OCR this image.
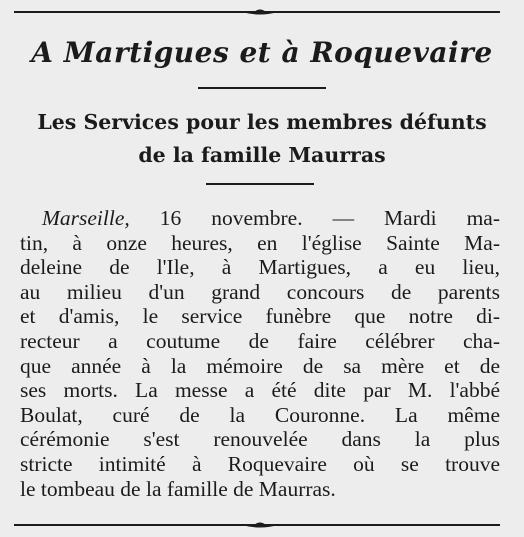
A Martigues et à Roquevaire
Les Services pour les membres défunts
de la famille Maurras
Marseille, 16 novembre. — Mardi ma-
tin, à onze heures, en l'église Sainte Ma-
deleine de l'Ile, à Martigues, a eu lieu,
au milieu d'un grand concours de parents
et d'amis, le service funèbre que notre di-
recteur a coutume de faire célébrer cha-
que année à la mémoire de sa mère et de
ses morts. La messe a été dite par M. l'abbé
Boulat, curé de la Couronne. La même
cérémonie s'est renouvelée dans la plus
stricte intimité à Roquevaire où se trouve
le tombeau de la famille de Maurras.
